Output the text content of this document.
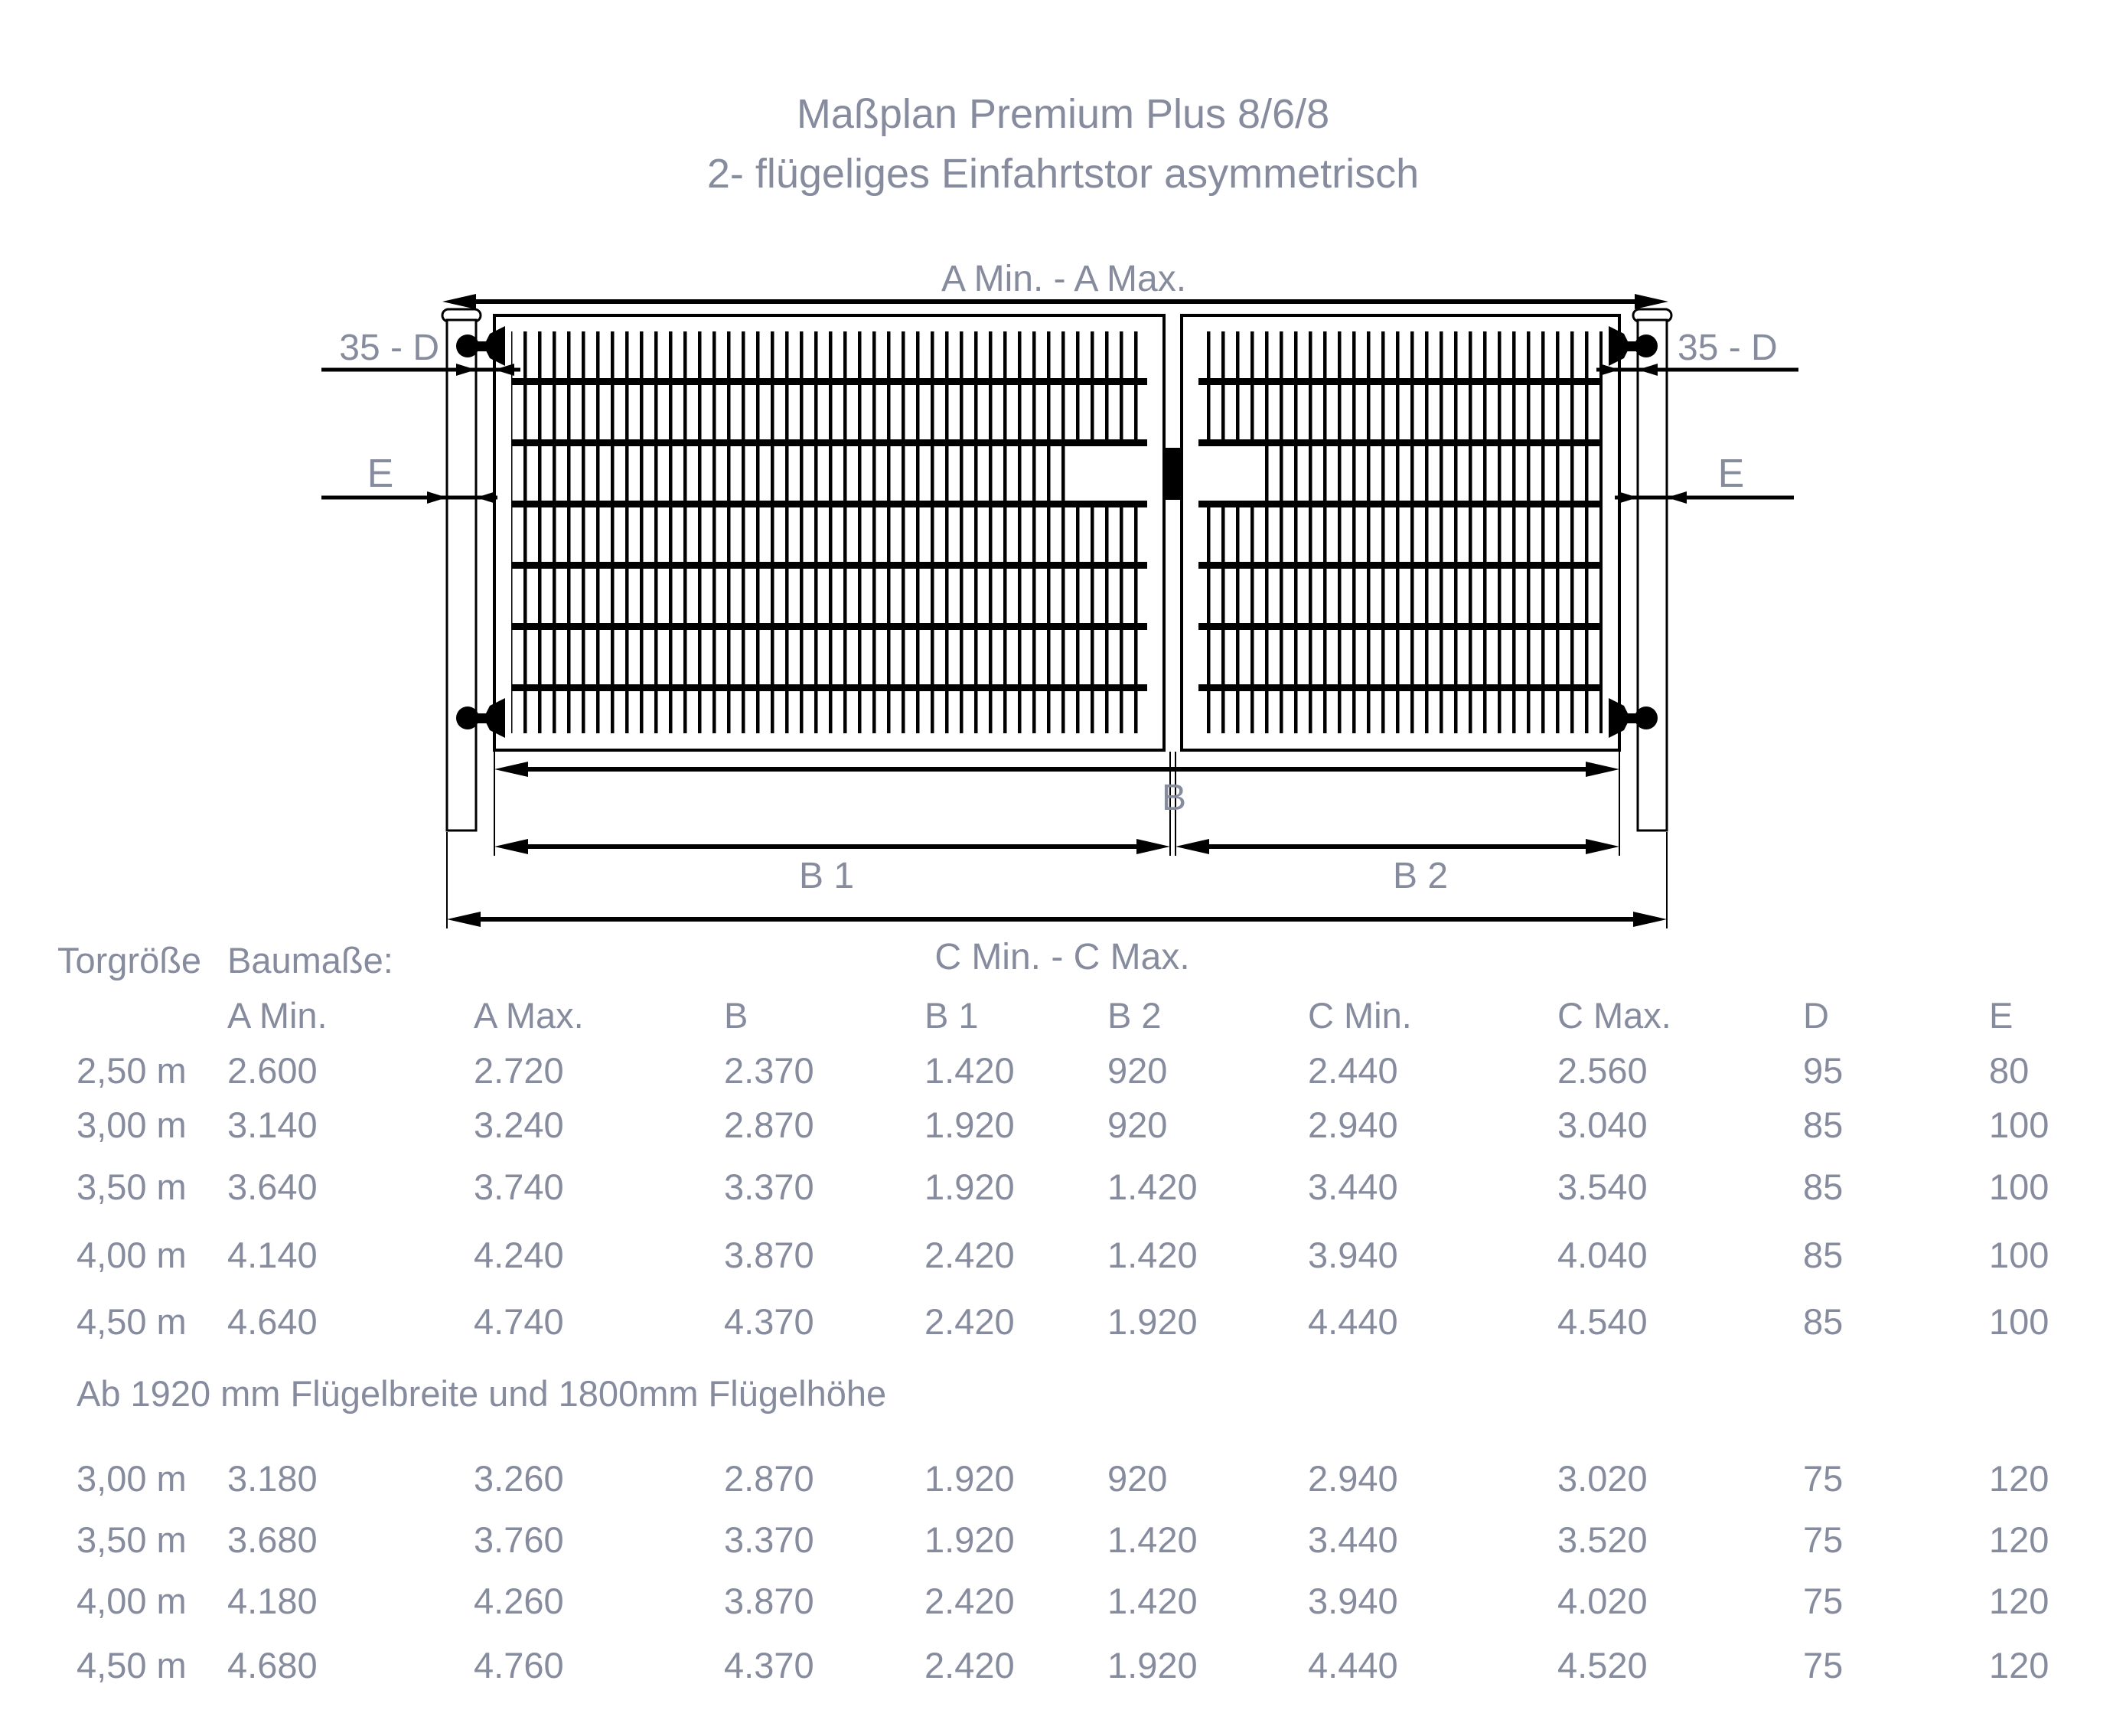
Maßplan Premium Plus 8/6/8
2- flügeliges Einfahrtstor asymmetrisch
A Min. - A Max.
35 - D	35 - D
E	E
B
B 1	B 2
C Min. - C Max.
Torgröße Baumaße:
A Min.	A Max.	B	B 1	B 2	C Min.	C Max.	D	E
2,50 m 2.600	2.720	2.370	1.420	920	2.440	2.560	95	80
3,00 m 3.140	3.240	2.870	1.920	920	2.940	3.040	85	100
3,50 m 3.640	3.740	3.370	1.920	1.420	3.440	3.540	85	100
4,00 m 4.140	4.240	3.870	2.420	1.420	3.940	4.040	85	100
4,50 m 4.640	4.740	4.370	2.420	1.920	4.440	4.540	85	100
Ab 1920 mm Flügelbreite und 1800mm Flügelhöhe
3,00 m 3.180	3.260	2.870	1.920	920	2.940	3.020	75	120
3,50 m 3.680	3.760	3.370	1.920	1.420	3.440	3.520	75	120
4,00 m 4.180	4.260	3.870	2.420	1.420	3.940	4.020	75	120
4,50 m 4.680	4.760	4.370	2.420	1.920	4.440	4.520	75	120
